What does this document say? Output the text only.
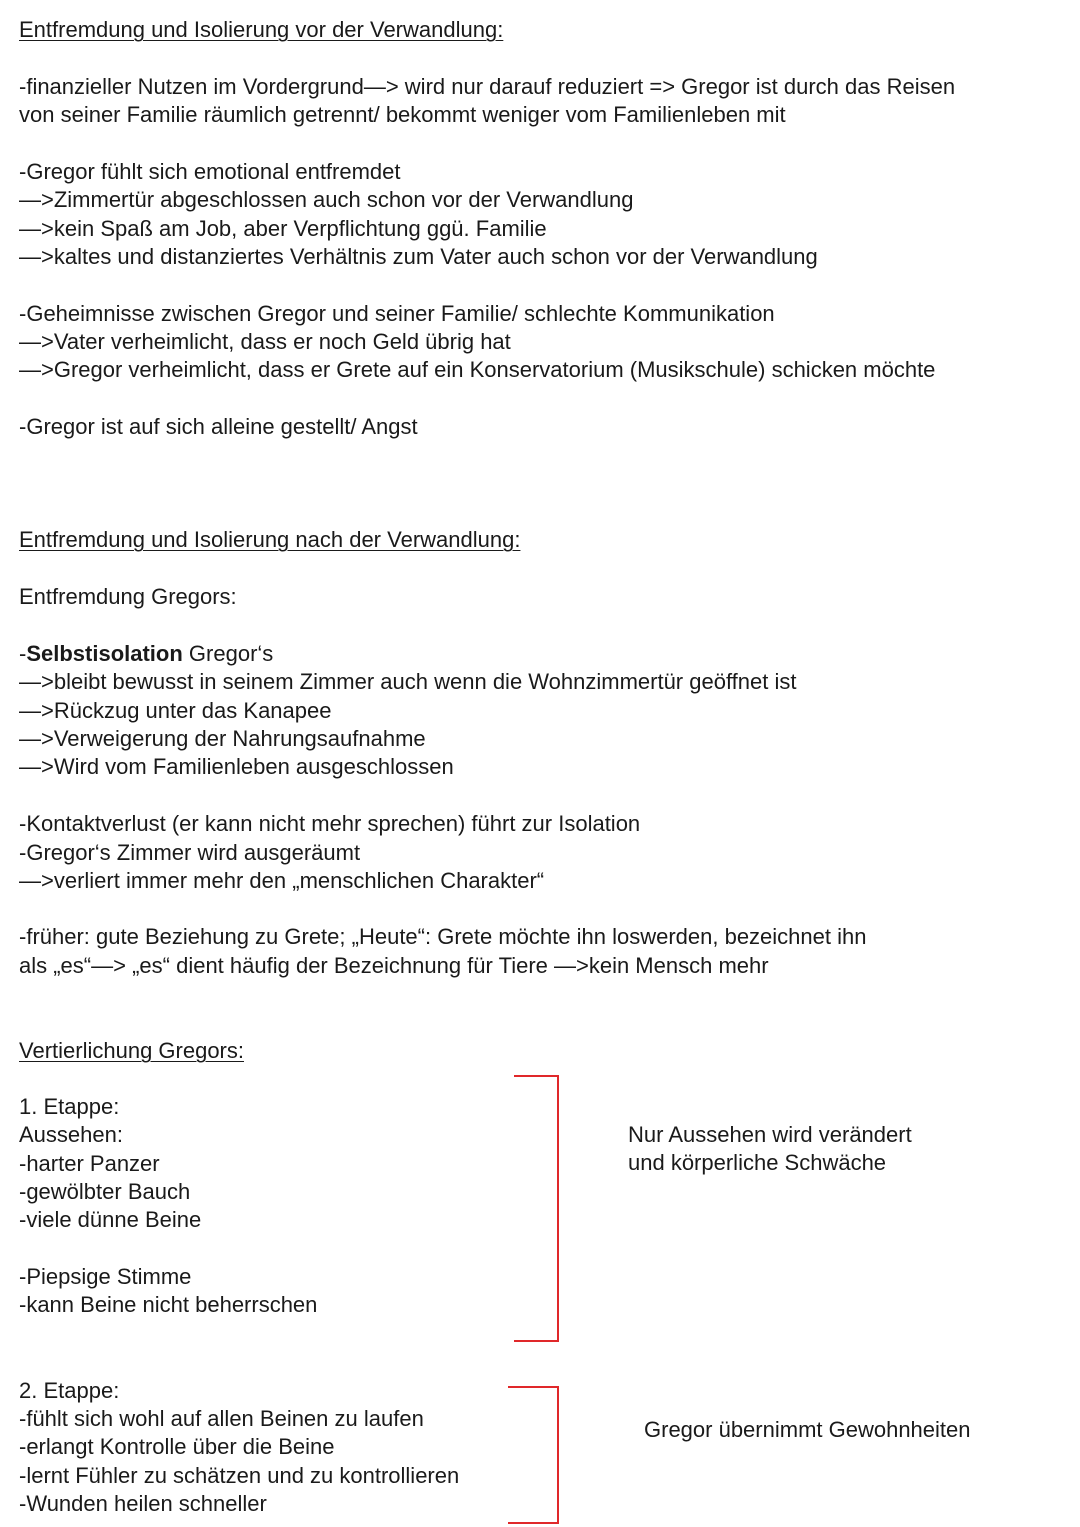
Entfremdung und Isolierung vor der Verwandlung:
-finanzieller Nutzen im Vordergrund—> wird nur darauf reduziert => Gregor ist durch das Reisen
von seiner Familie räumlich getrennt/ bekommt weniger vom Familienleben mit
-Gregor fühlt sich emotional entfremdet
—>Zimmertür abgeschlossen auch schon vor der Verwandlung
—>kein Spaß am Job, aber Verpflichtung ggü. Familie
—>kaltes und distanziertes Verhältnis zum Vater auch schon vor der Verwandlung
-Geheimnisse zwischen Gregor und seiner Familie/ schlechte Kommunikation
—>Vater verheimlicht, dass er noch Geld übrig hat
—>Gregor verheimlicht, dass er Grete auf ein Konservatorium (Musikschule) schicken möchte
-Gregor ist auf sich alleine gestellt/ Angst
Entfremdung und Isolierung nach der Verwandlung:
Entfremdung Gregors:
-Selbstisolation Gregor‘s
—>bleibt bewusst in seinem Zimmer auch wenn die Wohnzimmertür geöffnet ist
—>Rückzug unter das Kanapee
—>Verweigerung der Nahrungsaufnahme
—>Wird vom Familienleben ausgeschlossen
-Kontaktverlust (er kann nicht mehr sprechen) führt zur Isolation
-Gregor‘s Zimmer wird ausgeräumt
—>verliert immer mehr den „menschlichen Charakter“
-früher: gute Beziehung zu Grete; „Heute“: Grete möchte ihn loswerden, bezeichnet ihn
als „es“—> „es“ dient häufig der Bezeichnung für Tiere —>kein Mensch mehr
Vertierlichung Gregors:
1. Etappe:
Aussehen:
-harter Panzer
-gewölbter Bauch
-viele dünne Beine
-Piepsige Stimme
-kann Beine nicht beherrschen
Nur Aussehen wird verändert
und körperliche Schwäche
2. Etappe:
-fühlt sich wohl auf allen Beinen zu laufen
-erlangt Kontrolle über die Beine
-lernt Fühler zu schätzen und zu kontrollieren
-Wunden heilen schneller
Gregor übernimmt Gewohnheiten
